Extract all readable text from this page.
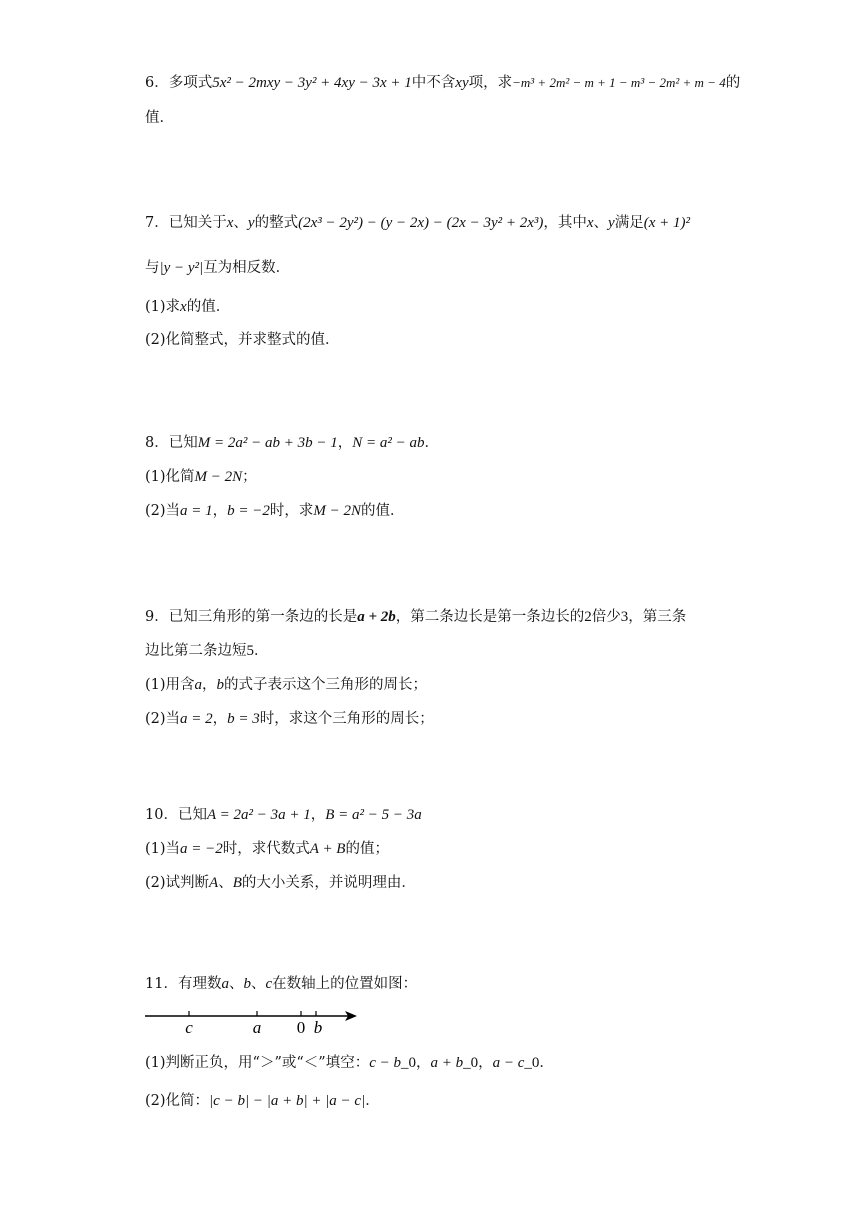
6．多项式5x² − 2mxy − 3y² + 4xy − 3x + 1中不含xy项，求−m³ + 2m² − m + 1 − m³ − 2m² + m − 4的
值．
7．已知关于x、y的整式(2x³ − 2y²) − (y − 2x) − (2x − 3y² + 2x³)，其中x、y满足(x + 1)²
与|y − y²|互为相反数．
(1)求x的值．
(2)化简整式，并求整式的值．
8．已知M = 2a² − ab + 3b − 1，N = a² − ab．
(1)化简M − 2N；
(2)当a = 1，b = −2时，求M − 2N的值．
9．已知三角形的第一条边的长是a + 2b，第二条边长是第一条边长的2倍少3，第三条
边比第二条边短5．
(1)用含a，b的式子表示这个三角形的周长；
(2)当a = 2，b = 3时，求这个三角形的周长；
10．已知A = 2a² − 3a + 1，B = a² − 5 − 3a
(1)当a = −2时，求代数式A + B的值；
(2)试判断A、B的大小关系，并说明理由．
11．有理数a、b、c在数轴上的位置如图：
c	a 0 b
(1)判断正负，用“＞”或“＜”填空：c − b_0，a + b_0，a − c_0．
(2)化简：|c − b| − |a + b| + |a − c|．
